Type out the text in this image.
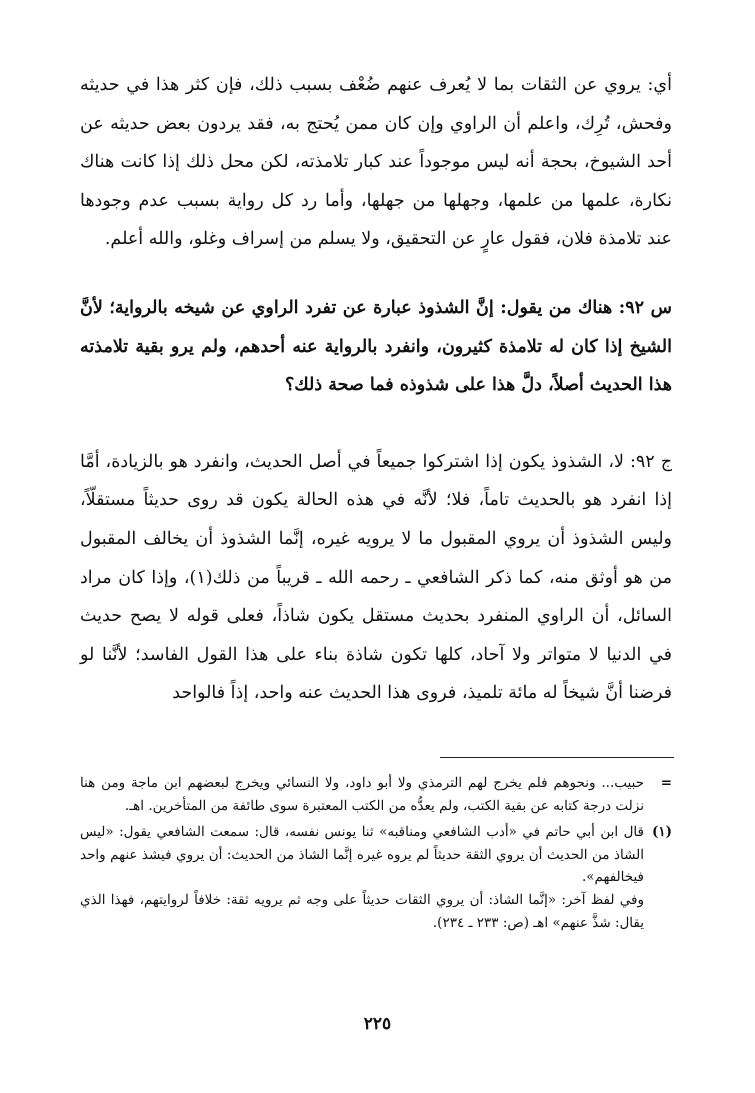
أي: يروي عن الثقات بما لا يُعرف عنهم ضُعْف بسبب ذلك، فإن كثر هذا في حديثه وفحش، تُرِك، واعلم أن الراوي وإن كان ممن يُحتج به، فقد يردون بعض حديثه عن أحد الشيوخ، بحجة أنه ليس موجوداً عند كبار تلامذته، لكن محل ذلك إذا كانت هناك نكارة، علمها من علمها، وجهلها من جهلها، وأما رد كل رواية بسبب عدم وجودها عند تلامذة فلان، فقول عارٍ عن التحقيق، ولا يسلم من إسراف وغلو، والله أعلم.

س ٩٢: هناك من يقول: إنَّ الشذوذ عبارة عن تفرد الراوي عن شيخه بالرواية؛ لأنَّ الشيخ إذا كان له تلامذة كثيرون، وانفرد بالرواية عنه أحدهم، ولم يرو بقية تلامذته هذا الحديث أصلاً، دلَّ هذا على شذوذه فما صحة ذلك؟

ج ٩٢: لا، الشذوذ يكون إذا اشتركوا جميعاً في أصل الحديث، وانفرد هو بالزيادة، أمَّا إذا انفرد هو بالحديث تاماً، فلا؛ لأنَّه في هذه الحالة يكون قد روى حديثاً مستقلّاً، وليس الشذوذ أن يروي المقبول ما لا يرويه غيره، إنَّما الشذوذ أن يخالف المقبول من هو أوثق منه، كما ذكر الشافعي ـ رحمه الله ـ قريباً من ذلك(١)، وإذا كان مراد السائل، أن الراوي المنفرد بحديث مستقل يكون شاذاً، فعلى قوله لا يصح حديث في الدنيا لا متواتر ولا آحاد، كلها تكون شاذة بناء على هذا القول الفاسد؛ لأنَّنا لو فرضنا أنَّ شيخاً له مائة تلميذ، فروى هذا الحديث عنه واحد، إذاً فالواحد

=

حبيب... ونحوهم فلم يخرج لهم الترمذي ولا أبو داود، ولا النسائي ويخرج لبعضهم ابن ماجة ومن هنا نزلت درجة كتابه عن بقية الكتب، ولم يعدُّه من الكتب المعتبرة سوى طائفة من المتأخرين. اهـ.

(١)

قال ابن أبي حاتم في «أدب الشافعي ومناقبه» ثنا يونس نفسه، قال: سمعت الشافعي يقول: «ليس الشاذ من الحديث أن يروي الثقة حديثاً لم يروه غيره إنَّما الشاذ من الحديث: أن يروي فيشذ عنهم واحد فيخالفهم».

وفي لفظ آخر: «إنَّما الشاذ: أن يروي الثقات حديثاً على وجه ثم يرويه ثقة: خلافاً لروايتهم، فهذا الذي يقال: شذَّ عنهم» اهـ (ص: ٢٣٣ ـ ٢٣٤).

٢٢٥
